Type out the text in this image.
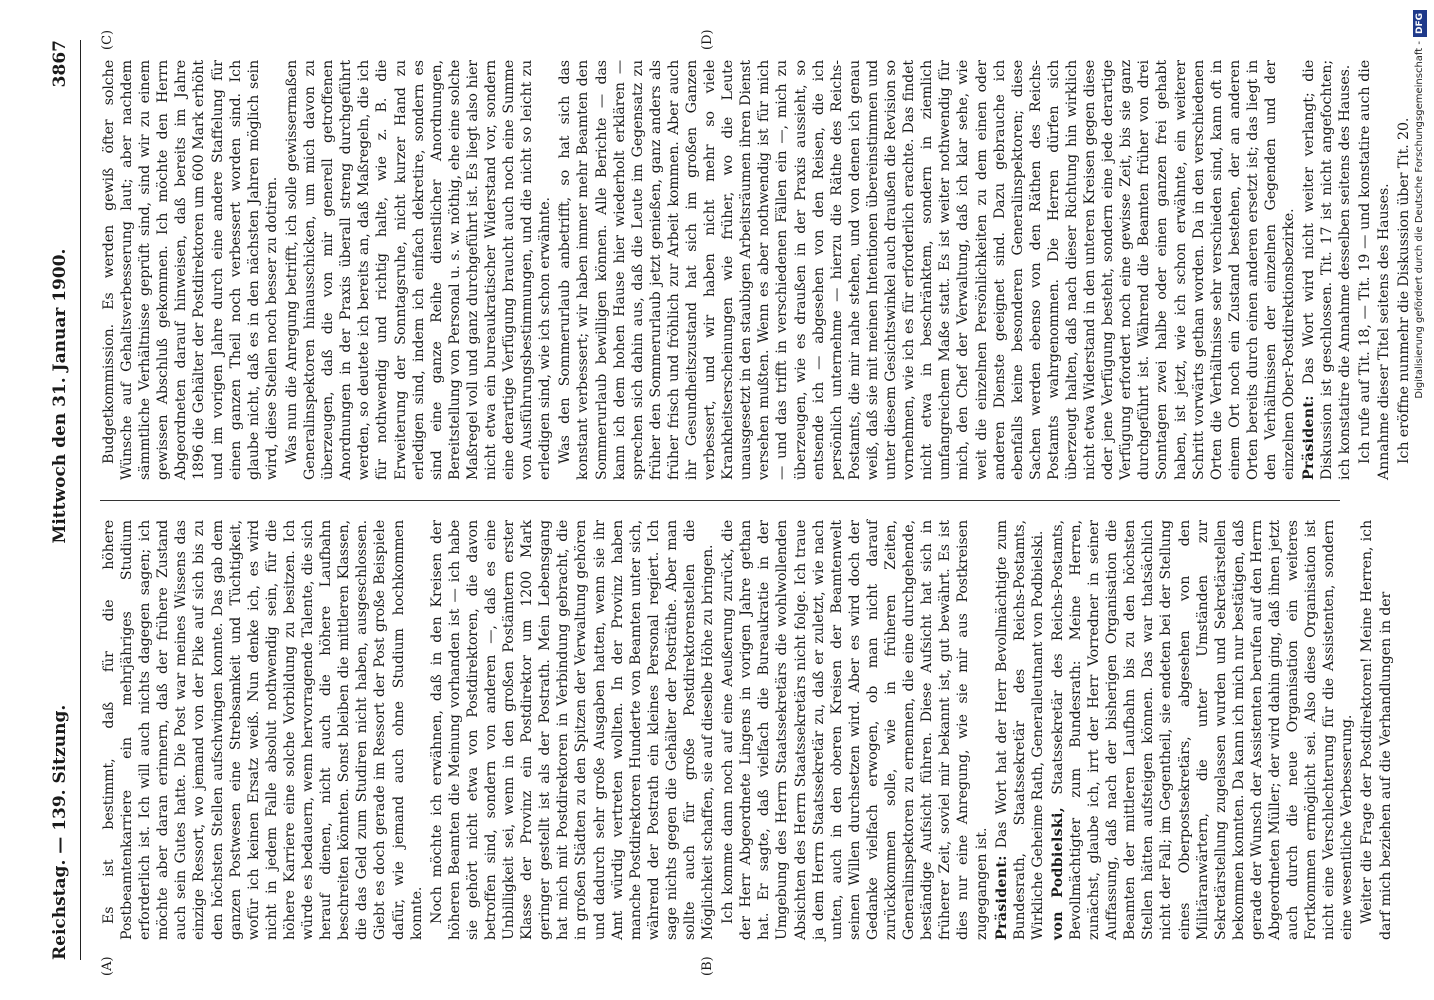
Reichstag. — 139. Sitzung.
Mittwoch den 31. Januar 1900.
3867
(A)	(B)
(C)	(D)

Es ist bestimmt, daß für die höhere Postbeamtenkarriere ein mehrjähriges Studium erforderlich ist. Ich will auch nichts dagegen sagen; ich möchte aber daran erinnern, daß der frühere Zustand auch sein Gutes hatte. Die Post war meines Wissens das einzige Ressort, wo jemand von der Pike auf sich bis zu den höchsten Stellen aufschwingen konnte. Das gab dem ganzen Postwesen eine Strebsamkeit und Tüchtigkeit, wofür ich keinen Ersatz weiß. Nun denke ich, es wird nicht in jedem Falle absolut nothwendig sein, für die höhere Karriere eine solche Vorbildung zu besitzen. Ich würde es bedauern, wenn hervorragende Talente, die sich herauf dienen, nicht auch die höhere Laufbahn beschreiten könnten. Sonst bleiben die mittleren Klassen, die das Geld zum Studiren nicht haben, ausgeschlossen. Giebt es doch gerade im Ressort der Post große Beispiele dafür, wie jemand auch ohne Studium hochkommen konnte. Noch möchte ich erwähnen, daß in den Kreisen der höheren Beamten die Meinung vorhanden ist — ich habe sie gehört nicht etwa von Postdirektoren, die davon betroffen sind, sondern von anderen —, daß es eine Unbilligkeit sei, wenn in den großen Postämtern erster Klasse der Provinz ein Postdirektor um 1200 Mark geringer gestellt ist als der Postrath. Mein Lebensgang hat mich mit Postdirektoren in Verbindung gebracht, die in großen Städten zu den Spitzen der Verwaltung gehören und dadurch sehr große Ausgaben hatten, wenn sie ihr Amt würdig vertreten wollten. In der Provinz haben manche Postdirektoren Hunderte von Beamten unter sich, während der Postrath ein kleines Personal regiert. Ich sage nichts gegen die Gehälter der Posträthe. Aber man sollte auch für große Postdirektorenstellen die Möglichkeit schaffen, sie auf dieselbe Höhe zu bringen. Ich komme dann noch auf eine Aeußerung zurück, die der Herr Abgeordnete Lingens in vorigen Jahre gethan hat. Er sagte, daß vielfach die Bureaukratie in der Umgebung des Herrn Staatssekretärs die wohlwollenden Absichten des Herrn Staatssekretärs nicht folge. Ich traue ja dem Herrn Staatssekretär zu, daß er zuletzt, wie nach unten, auch in den oberen Kreisen der Beamtenwelt seinen Willen durchsetzen wird. Aber es wird doch der Gedanke vielfach erwogen, ob man nicht darauf zurückkommen solle, wie in früheren Zeiten, Generalinspektoren zu ernennen, die eine durchgehende, beständige Aufsicht führen. Diese Aufsicht hat sich in früherer Zeit, soviel mir bekannt ist, gut bewährt. Es ist dies nur eine Anregung, wie sie mir aus Postkreisen zugegangen ist. Präsident: Das Wort hat der Herr Bevollmächtigte zum Bundesrath, Staatssekretär des Reichs-Postamts, Wirkliche Geheime Rath, Generalleutnant von Podbielski. von Podbielski, Staatssekretär des Reichs-Postamts, Bevollmächtigter zum Bundesrath: Meine Herren, zunächst, glaube ich, irrt der Herr Vorredner in seiner Auffassung, daß nach der bisherigen Organisation die Beamten der mittleren Laufbahn bis zu den höchsten Stellen hätten aufsteigen können. Das war thatsächlich nicht der Fall; im Gegentheil, sie endeten bei der Stellung eines Oberpostsekretärs, abgesehen von den Militäranwärtern, die unter Umständen zur Sekretärstellung zugelassen wurden und Sekretärstellen bekommen konnten. Da kann ich mich nur bestätigen, daß gerade der Wunsch der Assistenten berufen auf den Herrn Abgeordneten Müller; der wird dahin ging, daß ihnen jetzt auch durch die neue Organisation ein weiteres Fortkommen ermöglicht sei. Also diese Organisation ist nicht eine Verschlechterung für die Assistenten, sondern eine wesentliche Verbesserung. Weiter die Frage der Postdirektoren! Meine Herren, ich darf mich beziehen auf die Verhandlungen in der

Budgetkommission. Es werden gewiß öfter solche Wünsche auf Gehaltsverbesserung laut; aber nachdem sämmtliche Verhältnisse geprüft sind, sind wir zu einem gewissen Abschluß gekommen. Ich möchte den Herrn Abgeordneten darauf hinweisen, daß bereits im Jahre 1896 die Gehälter der Postdirektoren um 600 Mark erhöht und im vorigen Jahre durch eine andere Staffelung für einen ganzen Theil noch verbessert worden sind. Ich glaube nicht, daß es in den nächsten Jahren möglich sein wird, diese Stellen noch besser zu dotiren. Was nun die Anregung betrifft, ich solle gewissermaßen Generalinspektoren hinausschicken, um mich davon zu überzeugen, daß die von mir generell getroffenen Anordnungen in der Praxis überall streng durchgeführt werden, so deutete ich bereits an, daß Maßregeln, die ich für nothwendig und richtig halte, wie z. B. die Erweiterung der Sonntagsruhe, nicht kurzer Hand zu erledigen sind, indem ich einfach dekretire, sondern es sind eine ganze Reihe dienstlicher Anordnungen, Bereitstellung von Personal u. s. w. nöthig, ehe eine solche Maßregel voll und ganz durchgeführt ist. Es liegt also hier nicht etwa ein bureaukratischer Widerstand vor, sondern eine derartige Verfügung braucht auch noch eine Summe von Ausführungsbestimmungen, und die nicht so leicht zu erledigen sind, wie ich schon erwähnte. Was den Sommerurlaub anbetrifft, so hat sich das konstant verbessert; wir haben immer mehr Beamten den Sommerurlaub bewilligen können. Alle Berichte — das kann ich dem hohen Hause hier wiederholt erklären — sprechen sich dahin aus, daß die Leute im Gegensatz zu früher den Sommerurlaub jetzt genießen, ganz anders als früher frisch und fröhlich zur Arbeit kommen. Aber auch ihr Gesundheitszustand hat sich im großen Ganzen verbessert, und wir haben nicht mehr so viele Krankheitserscheinungen wie früher, wo die Leute unausgesetzt in den staubigen Arbeitsräumen ihren Dienst versehen mußten. Wenn es aber nothwendig ist für mich — und das trifft in verschiedenen Fällen ein —, mich zu überzeugen, wie es draußen in der Praxis aussieht, so entsende ich — abgesehen von den Reisen, die ich persönlich unternehme — hierzu die Räthe des Reichs-Postamts, die mir nahe stehen, und von denen ich genau weiß, daß sie mit meinen Intentionen übereinstimmen und unter diesem Gesichtswinkel auch draußen die Revision so vornehmen, wie ich es für erforderlich erachte. Das findet nicht etwa in beschränktem, sondern in ziemlich umfangreichem Maße statt. Es ist weiter nothwendig für mich, den Chef der Verwaltung, daß ich klar sehe, wie weit die einzelnen Persönlichkeiten zu dem einen oder anderen Dienste geeignet sind. Dazu gebrauche ich ebenfalls keine besonderen Generalinspektoren; diese Sachen werden ebenso von den Räthen des Reichs-Postamts wahrgenommen. Die Herren dürfen sich überzeugt halten, daß nach dieser Richtung hin wirklich nicht etwa Widerstand in den unteren Kreisen gegen diese oder jene Verfügung besteht, sondern eine jede derartige Verfügung erfordert noch eine gewisse Zeit, bis sie ganz durchgeführt ist. Während die Beamten früher von drei Sonntagen zwei halbe oder einen ganzen frei gehabt haben, ist jetzt, wie ich schon erwähnte, ein weiterer Schritt vorwärts gethan worden. Da in den verschiedenen Orten die Verhältnisse sehr verschieden sind, kann oft in einem Ort noch ein Zustand bestehen, der an anderen Orten bereits durch einen anderen ersetzt ist; das liegt in den Verhältnissen der einzelnen Gegenden und der einzelnen Ober-Postdirektionsbezirke. Präsident: Das Wort wird nicht weiter verlangt; die Diskussion ist geschlossen. Tit. 17 ist nicht angefochten; ich konstatire die Annahme desselben seitens des Hauses. Ich rufe auf Tit. 18, — Tit. 19 — und konstatire auch die Annahme dieser Titel seitens des Hauses. Ich eröffne nunmehr die Diskussion über Tit. 20. Digitalisierung gefördert durch die Deutsche Forschungsgemeinschaft -DFG
